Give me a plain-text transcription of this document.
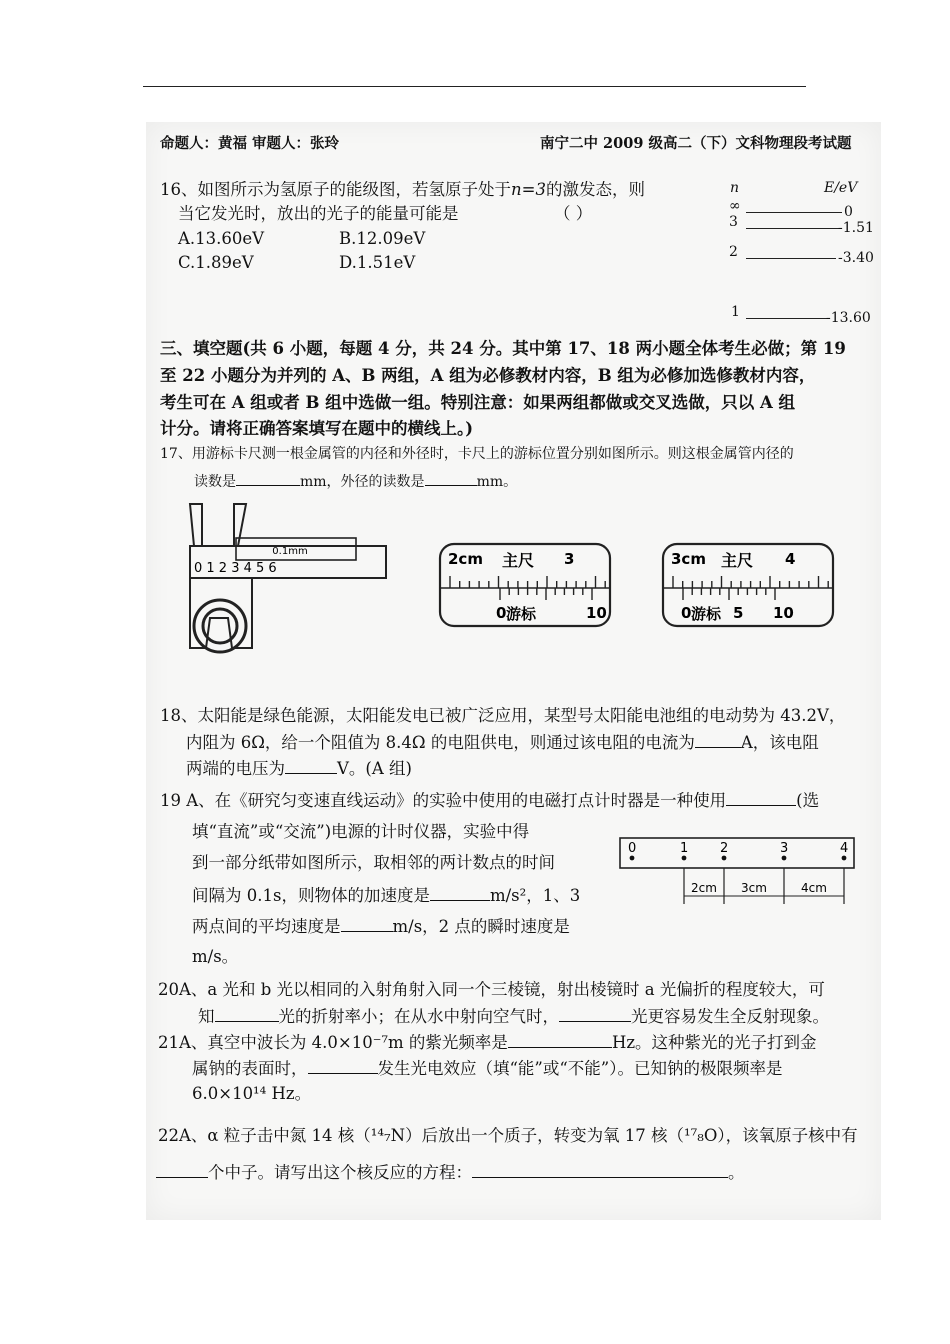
命题人：黄福 审题人：张玲	南宁二中 2009 级高二（下）文科物理段考试题
16、如图所示为氢原子的能级图，若氢原子处于n=3的激发态，则
当它发光时，放出的光子的能量可能是	（ ）
A.13.60eV	B.12.09eV
C.1.89eV	D.1.51eV
n	E/eV
∞	0
3	-1.51
2	-3.40
1	-13.60
三、填空题(共 6 小题，每题 4 分，共 24 分。其中第 17、18 两小题全体考生必做；第 19
至 22 小题分为并列的 A、B 两组，A 组为必修教材内容，B 组为必修加选修教材内容，
考生可在 A 组或者 B 组中选做一组。特别注意：如果两组都做或交叉选做，只以 A 组
计分。请将正确答案填写在题中的横线上。)
17、用游标卡尺测一根金属管的内径和外径时，卡尺上的游标位置分别如图所示。则这根金属管内径的
读数是	mm，外径的读数是	mm。
0.1mm
0 1 2 3 4 5 6
2cm 主尺 3
0 游标	10
3cm 主尺 4
0 游标 5 10
18、太阳能是绿色能源，太阳能发电已被广泛应用，某型号太阳能电池组的电动势为 43.2V，
内阻为 6Ω，给一个阻值为 8.4Ω 的电阻供电，则通过该电阻的电流为	A，该电阻
两端的电压为	V。(A 组)
19 A、在《研究匀变速直线运动》的实验中使用的电磁打点计时器是一种使用	(选
填“直流”或“交流”)电源的计时仪器，实验中得
到一部分纸带如图所示，取相邻的两计数点的时间
间隔为 0.1s，则物体的加速度是	m/s²，1、3
两点间的平均速度是	m/s，2 点的瞬时速度是
m/s。
0	1 2	3	4
2cm 3cm	4cm
20A、a 光和 b 光以相同的入射角射入同一个三棱镜，射出棱镜时 a 光偏折的程度较大，可
知	光的折射率小；在从水中射向空气时，	光更容易发生全反射现象。
21A、真空中波长为 4.0×10⁻⁷m 的紫光频率是	Hz。这种紫光的光子打到金
属钠的表面时，	发生光电效应（填“能”或“不能”）。已知钠的极限频率是
6.0×10¹⁴ Hz。
22A、α 粒子击中氮 14 核（¹⁴₇N）后放出一个质子，转变为氧 17 核（¹⁷₈O），该氧原子核中有
个中子。请写出这个核反应的方程：	。
